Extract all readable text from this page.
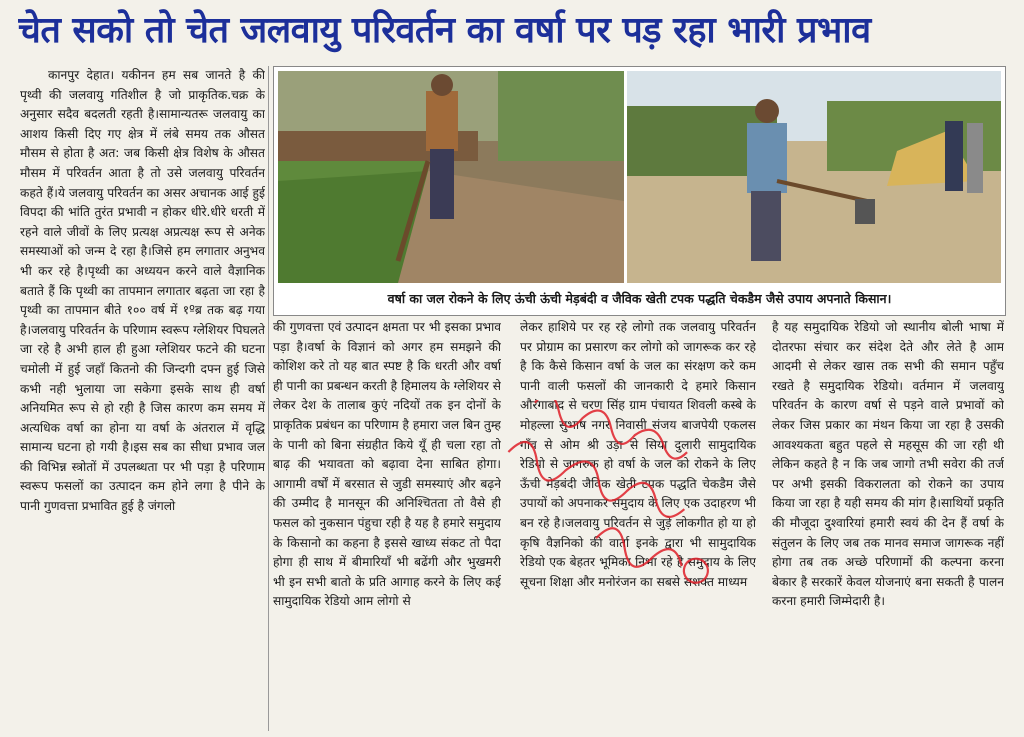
चेत सको तो चेत जलवायु परिवर्तन का वर्षा पर पड़ रहा भारी प्रभाव

कानपुर देहात। यकीनन हम सब जानते है की पृथ्वी की जलवायु गतिशील है जो प्राकृतिक.चक्र के अनुसार सदैव बदलती रहती है।सामान्यतरू जलवायु का आशय किसी दिए गए क्षेत्र में लंबे समय तक औसत मौसम से होता है अत: जब किसी क्षेत्र विशेष के औसत मौसम में परिवर्तन आता है तो उसे जलवायु परिवर्तन कहते हैं।ये जलवायु परिवर्तन का असर अचानक आई हुई विपदा की भांति तुरंत प्रभावी न होकर धीरे.धीरे धरती में रहने वाले जीवों के लिए प्रत्यक्ष अप्रत्यक्ष रूप से अनेक समस्याओं को जन्म दे रहा है।जिसे हम लगातार अनुभव भी कर रहे है।पृथ्वी का अध्ययन करने वाले वैज्ञानिक बताते हैं कि पृथ्वी का तापमान लगातार बढ़ता जा रहा है पृथ्वी का तापमान बीते १०० वर्ष में १ºब्र तक बढ़ गया है।जलवायु परिवर्तन के परिणाम स्वरूप ग्लेशियर पिघलते जा रहे है अभी हाल ही हुआ ग्लेशियर फटने की घटना चमोली में हुई जहाँ कितनो की जिन्दगी दफ्न हुई जिसे कभी नही भुलाया जा सकेगा इसके साथ ही वर्षा अनियमित रूप से हो रही है जिस कारण कम समय में अत्यधिक वर्षा का होना या वर्षा के अंतराल में वृद्धि सामान्य घटना हो गयी है।इस सब का सीधा प्रभाव जल की विभिन्न स्त्रोतों में उपलब्धता पर भी पड़ा है परिणाम स्वरूप फसलों का उत्पादन कम होने लगा है पीने के पानी गुणवत्ता प्रभावित हुई है जंगलो

वर्षा का जल रोकने के लिए ऊंची ऊंची मेड़बंदी व जैविक खेती टपक पद्धति चेकडैम जैसे उपाय अपनाते किसान।

की गुणवत्ता एवं उत्पादन क्षमता पर भी इसका प्रभाव पड़ा है।वर्षा के विज्ञानं को अगर हम समझने की कोशिश करे तो यह बात स्पष्ट है कि धरती और वर्षा ही पानी का प्रबन्धन करती है हिमालय के ग्लेशियर से लेकर देश के तालाब कुएं नदियों तक इन दोनों के प्राकृतिक प्रबंधन का परिणाम है हमारा जल बिन तुम्ह के पानी को बिना संग्रहीत किये यूँ ही चला रहा तो बाढ़ की भयावता को बढ़ावा देना साबित होगा।आगामी वर्षों में बरसात से जुडी समस्याएं और बढ़ने की उम्मीद है मानसून की अनिश्चितता तो वैसे ही फसल को नुकसान पंहुचा रही है यह है हमारे समुदाय के किसानो का कहना है इससे खाध्य संकट तो पैदा होगा ही साथ में बीमारियाँ भी बढेंगी और भुखमरी भी इन सभी बातो के प्रति आगाह करने के लिए कई सामुदायिक रेडियो आम लोगो से

लेकर हाशिये पर रह रहे लोगो तक जलवायु परिवर्तन पर प्रोग्राम का प्रसारण कर लोगो को जागरूक कर रहे है कि कैसे किसान वर्षा के जल का संरक्षण करे कम पानी वाली फसलों की जानकारी दे हमारे किसान औरंगाबाद से चरण सिंह ग्राम पंचायत शिवली कस्बे के मोहल्ला सुभाष नगर निवासी संजय बाजपेयी एकलस गाँव से ओम श्री उड़ा से सिया दुलारी सामुदायिक रेडियो से जागरुक हो वर्षा के जल को रोकने के लिए ऊँची मेड़बंदी जैविक खेती टपक पद्धति चेकडैम जैसे उपायों को अपनाकर समुदाय के लिए एक उदाहरण भी बन रहे है।जलवायु परिवर्तन से जुड़े लोकगीत हो या हो कृषि वैज्ञनिको की वार्ता इनके द्वारा भी सामुदायिक रेडियो एक बेहतर भूमिका निभा रहे है समुदाय के लिए सूचना शिक्षा और मनोरंजन का सबसे सशक्त माध्यम

है यह समुदायिक रेडियो जो स्थानीय बोली भाषा में दोतरफा संचार कर संदेश देते और लेते है आम आदमी से लेकर खास तक सभी की समान पहुँच रखते है समुदायिक रेडियो। वर्तमान में जलवायु परिवर्तन के कारण वर्षा से पड़ने वाले प्रभावों को लेकर जिस प्रकार का मंथन किया जा रहा है उसकी आवश्यकता बहुत पहले से महसूस की जा रही थी लेकिन कहते है न कि जब जागो तभी सवेरा की तर्ज पर अभी इसकी विकरालता को रोकने का उपाय किया जा रहा है यही समय की मांग है।साथियों प्रकृति की मौजूदा दुश्वारियां हमारी स्वयं की देन हैं वर्षा के संतुलन के लिए जब तक मानव समाज जागरूक नहीं होगा तब तक अच्छे परिणामों की कल्पना करना बेकार है सरकारें केवल योजनाएं बना सकती है पालन करना हमारी जिम्मेदारी है।
